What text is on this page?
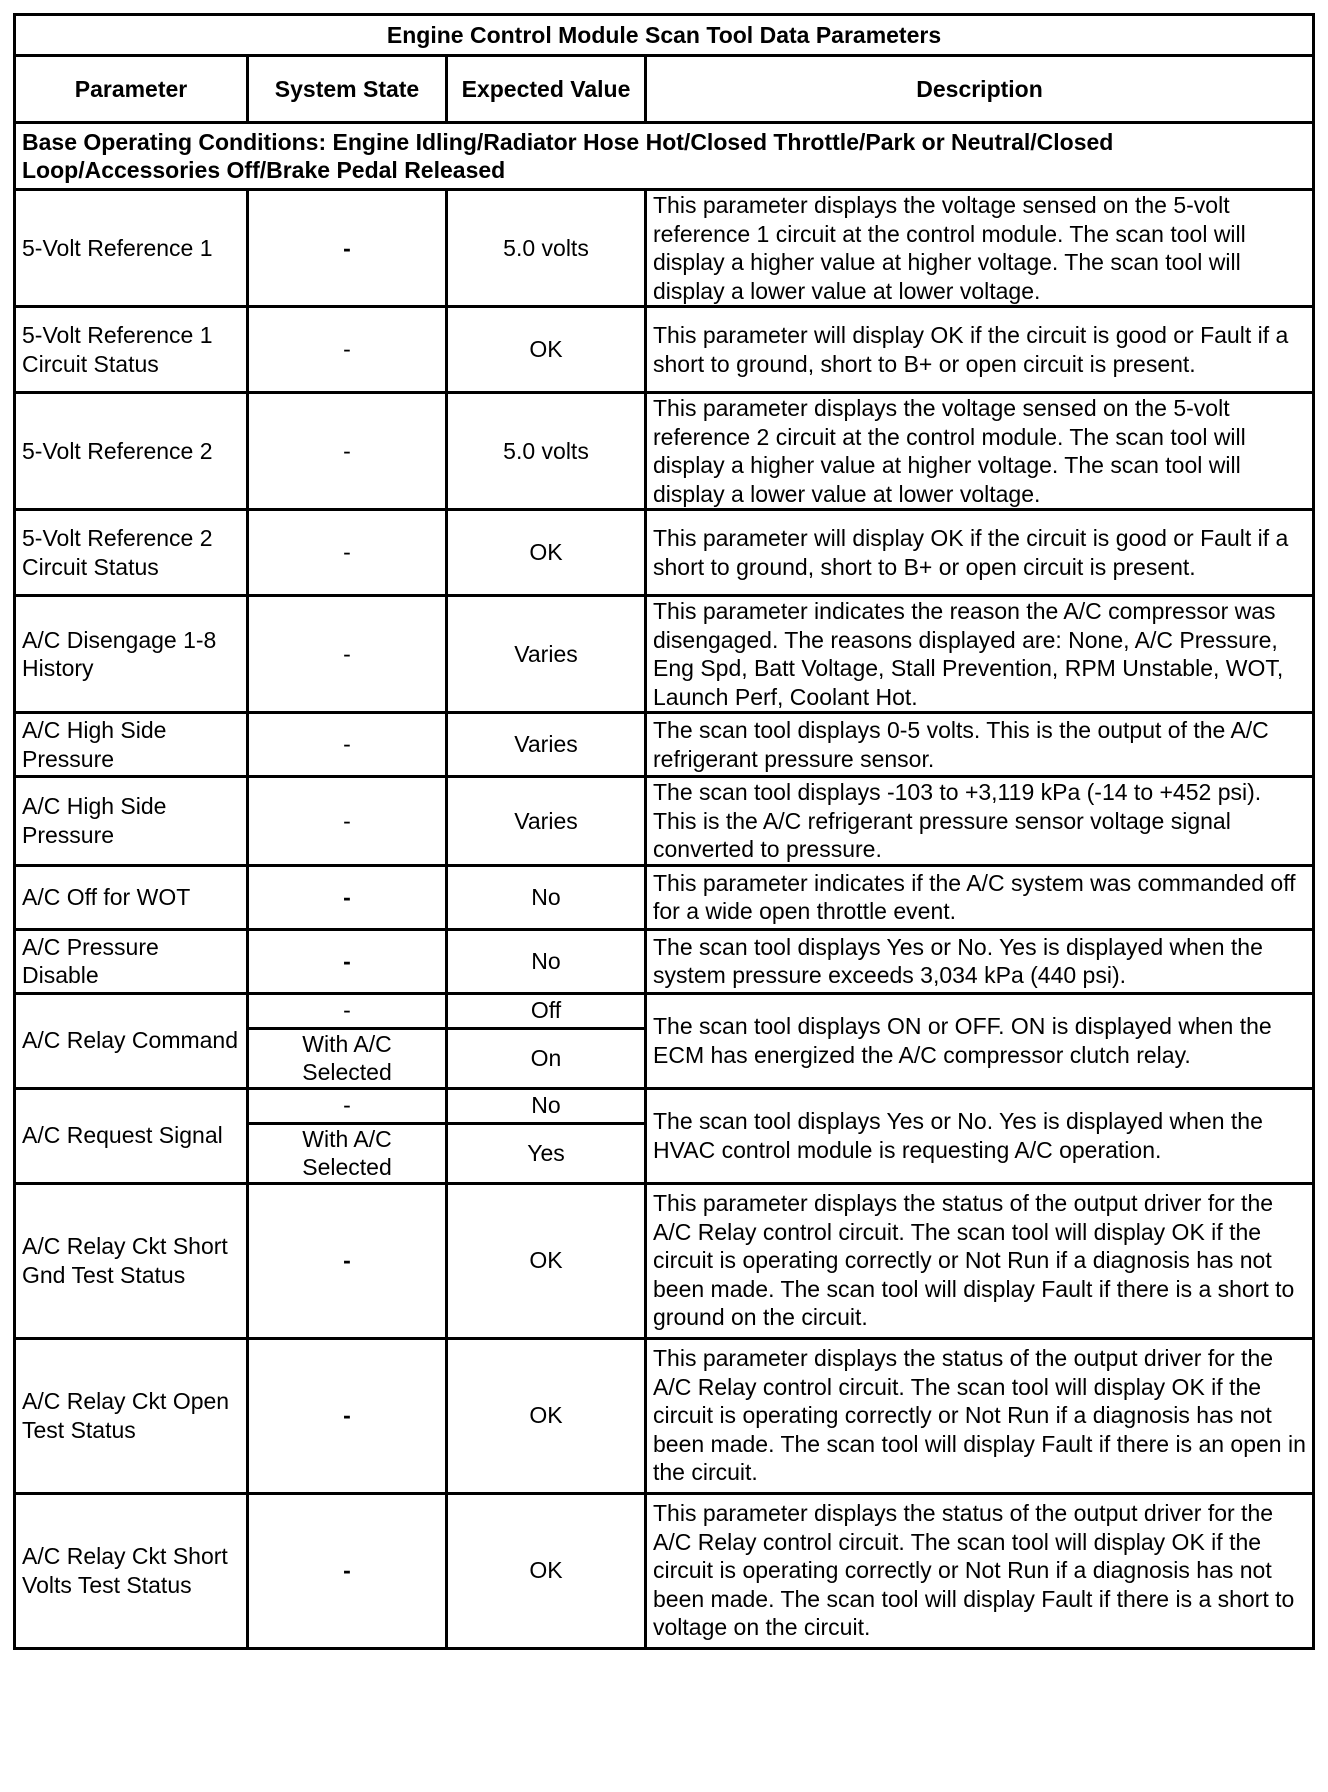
Engine Control Module Scan Tool Data Parameters			
Parameter	System State	Expected Value	Description
Base Operating Conditions: Engine Idling/Radiator Hose Hot/Closed Throttle/Park or Neutral/Closed Loop/Accessories Off/Brake Pedal Released			
5-Volt Reference 1	-	5.0 volts	This parameter displays the voltage sensed on the 5-volt reference 1 circuit at the control module. The scan tool will display a higher value at higher voltage. The scan tool will display a lower value at lower voltage.
5-Volt Reference 1 Circuit Status	-	OK	This parameter will display OK if the circuit is good or Fault if a short to ground, short to B+ or open circuit is present.
5-Volt Reference 2	-	5.0 volts	This parameter displays the voltage sensed on the 5-volt reference 2 circuit at the control module. The scan tool will display a higher value at higher voltage. The scan tool will display a lower value at lower voltage.
5-Volt Reference 2 Circuit Status	-	OK	This parameter will display OK if the circuit is good or Fault if a short to ground, short to B+ or open circuit is present.
A/C Disengage 1-8 History	-	Varies	This parameter indicates the reason the A/C compressor was disengaged. The reasons displayed are: None, A/C Pressure, Eng Spd, Batt Voltage, Stall Prevention, RPM Unstable, WOT, Launch Perf, Coolant Hot.
A/C High Side Pressure	-	Varies	The scan tool displays 0-5 volts. This is the output of the A/C refrigerant pressure sensor.
A/C High Side Pressure	-	Varies	The scan tool displays -103 to +3,119 kPa (-14 to +452 psi). This is the A/C refrigerant pressure sensor voltage signal converted to pressure.
A/C Off for WOT	-	No	This parameter indicates if the A/C system was commanded off for a wide open throttle event.
A/C Pressure Disable	-	No	The scan tool displays Yes or No. Yes is displayed when the system pressure exceeds 3,034 kPa (440 psi).
A/C Relay Command	-	Off	The scan tool displays ON or OFF. ON is displayed when the ECM has energized the A/C compressor clutch relay.
	With A/C Selected	On	
A/C Request Signal	-	No	The scan tool displays Yes or No. Yes is displayed when the HVAC control module is requesting A/C operation.
	With A/C Selected	Yes	
A/C Relay Ckt Short Gnd Test Status	-	OK	This parameter displays the status of the output driver for the A/C Relay control circuit. The scan tool will display OK if the circuit is operating correctly or Not Run if a diagnosis has not been made. The scan tool will display Fault if there is a short to ground on the circuit.
A/C Relay Ckt Open Test Status	-	OK	This parameter displays the status of the output driver for the A/C Relay control circuit. The scan tool will display OK if the circuit is operating correctly or Not Run if a diagnosis has not been made. The scan tool will display Fault if there is an open in the circuit.
A/C Relay Ckt Short Volts Test Status	-	OK	This parameter displays the status of the output driver for the A/C Relay control circuit. The scan tool will display OK if the circuit is operating correctly or Not Run if a diagnosis has not been made. The scan tool will display Fault if there is a short to voltage on the circuit.
